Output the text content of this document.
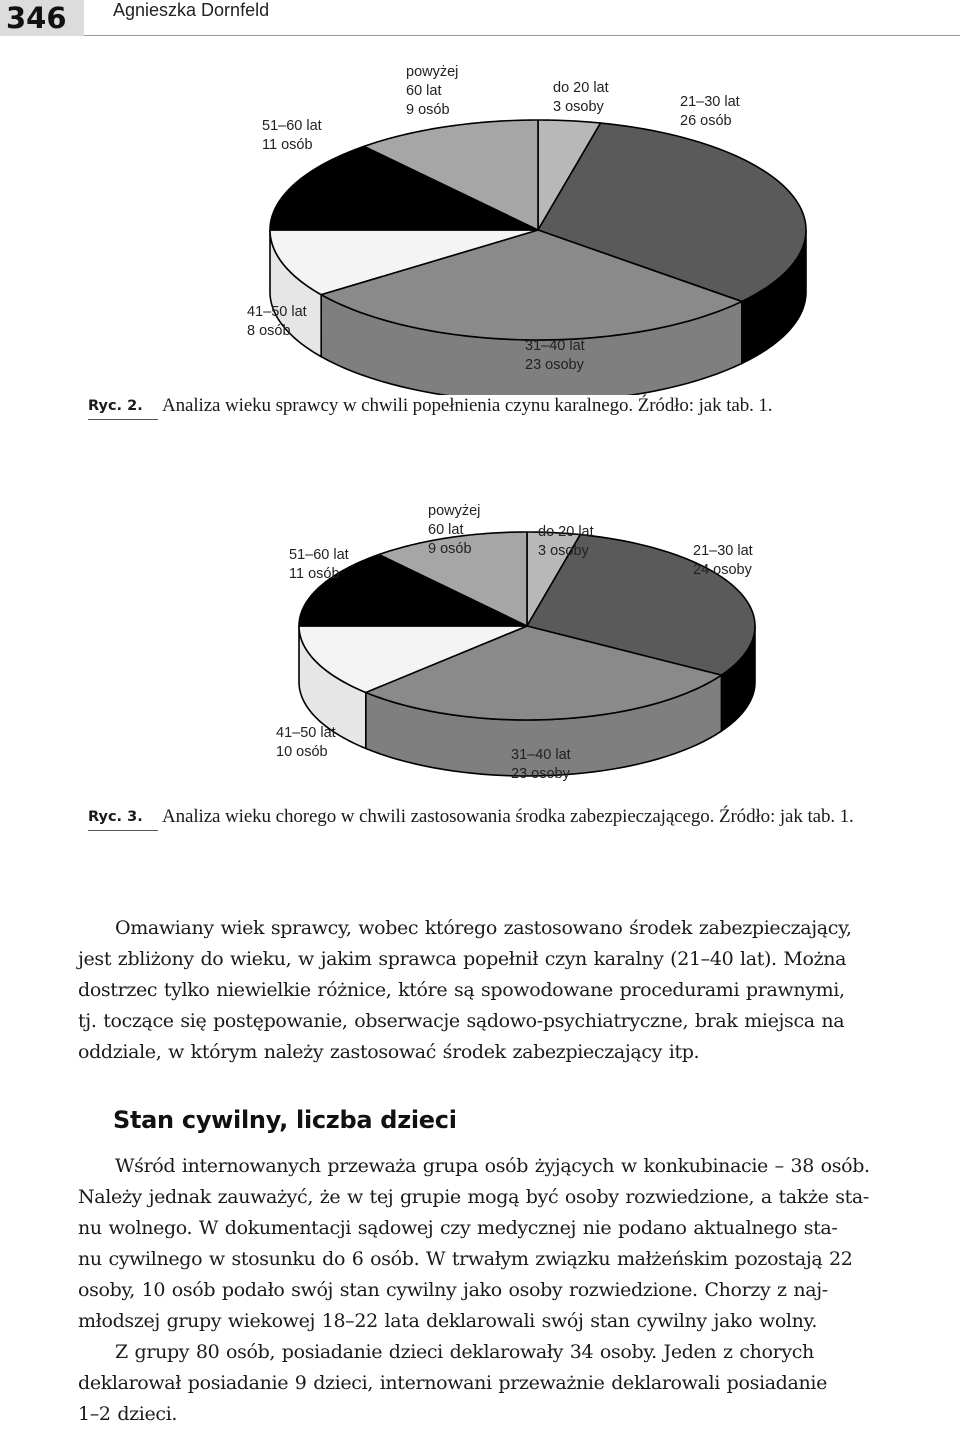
346	Agnieszka Dornfeld
do 20 lat 3 osoby	21–30 lat 26 osób
31–40 lat 23 osoby
41–50 lat 8 osób
51–60 lat 11 osób
powyżej 60 lat 9 osób
Ryc. 2. Analiza wieku sprawcy w chwili popełnienia czynu karalnego. Źródło: jak tab. 1.
do 20 lat 3 osoby	21–30 lat 24 osoby
31–40 lat 23 osoby
41–50 lat 10 osób
51–60 lat 11 osób
powyżej 60 lat 9 osób
Ryc. 3. Analiza wieku chorego w chwili zastosowania środka zabezpieczającego. Źródło: jak tab. 1.
Omawiany wiek sprawcy, wobec którego zastosowano środek zabezpieczający,
jest zbliżony do wieku, w jakim sprawca popełnił czyn karalny (21–40 lat). Można
dostrzec tylko niewielkie różnice, które są spowodowane procedurami prawnymi,
tj. toczące się postępowanie, obserwacje sądowo-psychiatryczne, brak miejsca na
oddziale, w którym należy zastosować środek zabezpieczający itp.
Stan cywilny, liczba dzieci
Wśród internowanych przeważa grupa osób żyjących w konkubinacie – 38 osób.
Należy jednak zauważyć, że w tej grupie mogą być osoby rozwiedzione, a także sta-
nu wolnego. W dokumentacji sądowej czy medycznej nie podano aktualnego sta-
nu cywilnego w stosunku do 6 osób. W trwałym związku małżeńskim pozostają 22
osoby, 10 osób podało swój stan cywilny jako osoby rozwiedzione. Chorzy z naj-
młodszej grupy wiekowej 18–22 lata deklarowali swój stan cywilny jako wolny.
Z grupy 80 osób, posiadanie dzieci deklarowały 34 osoby. Jeden z chorych
deklarował posiadanie 9 dzieci, internowani przeważnie deklarowali posiadanie
1–2 dzieci.
